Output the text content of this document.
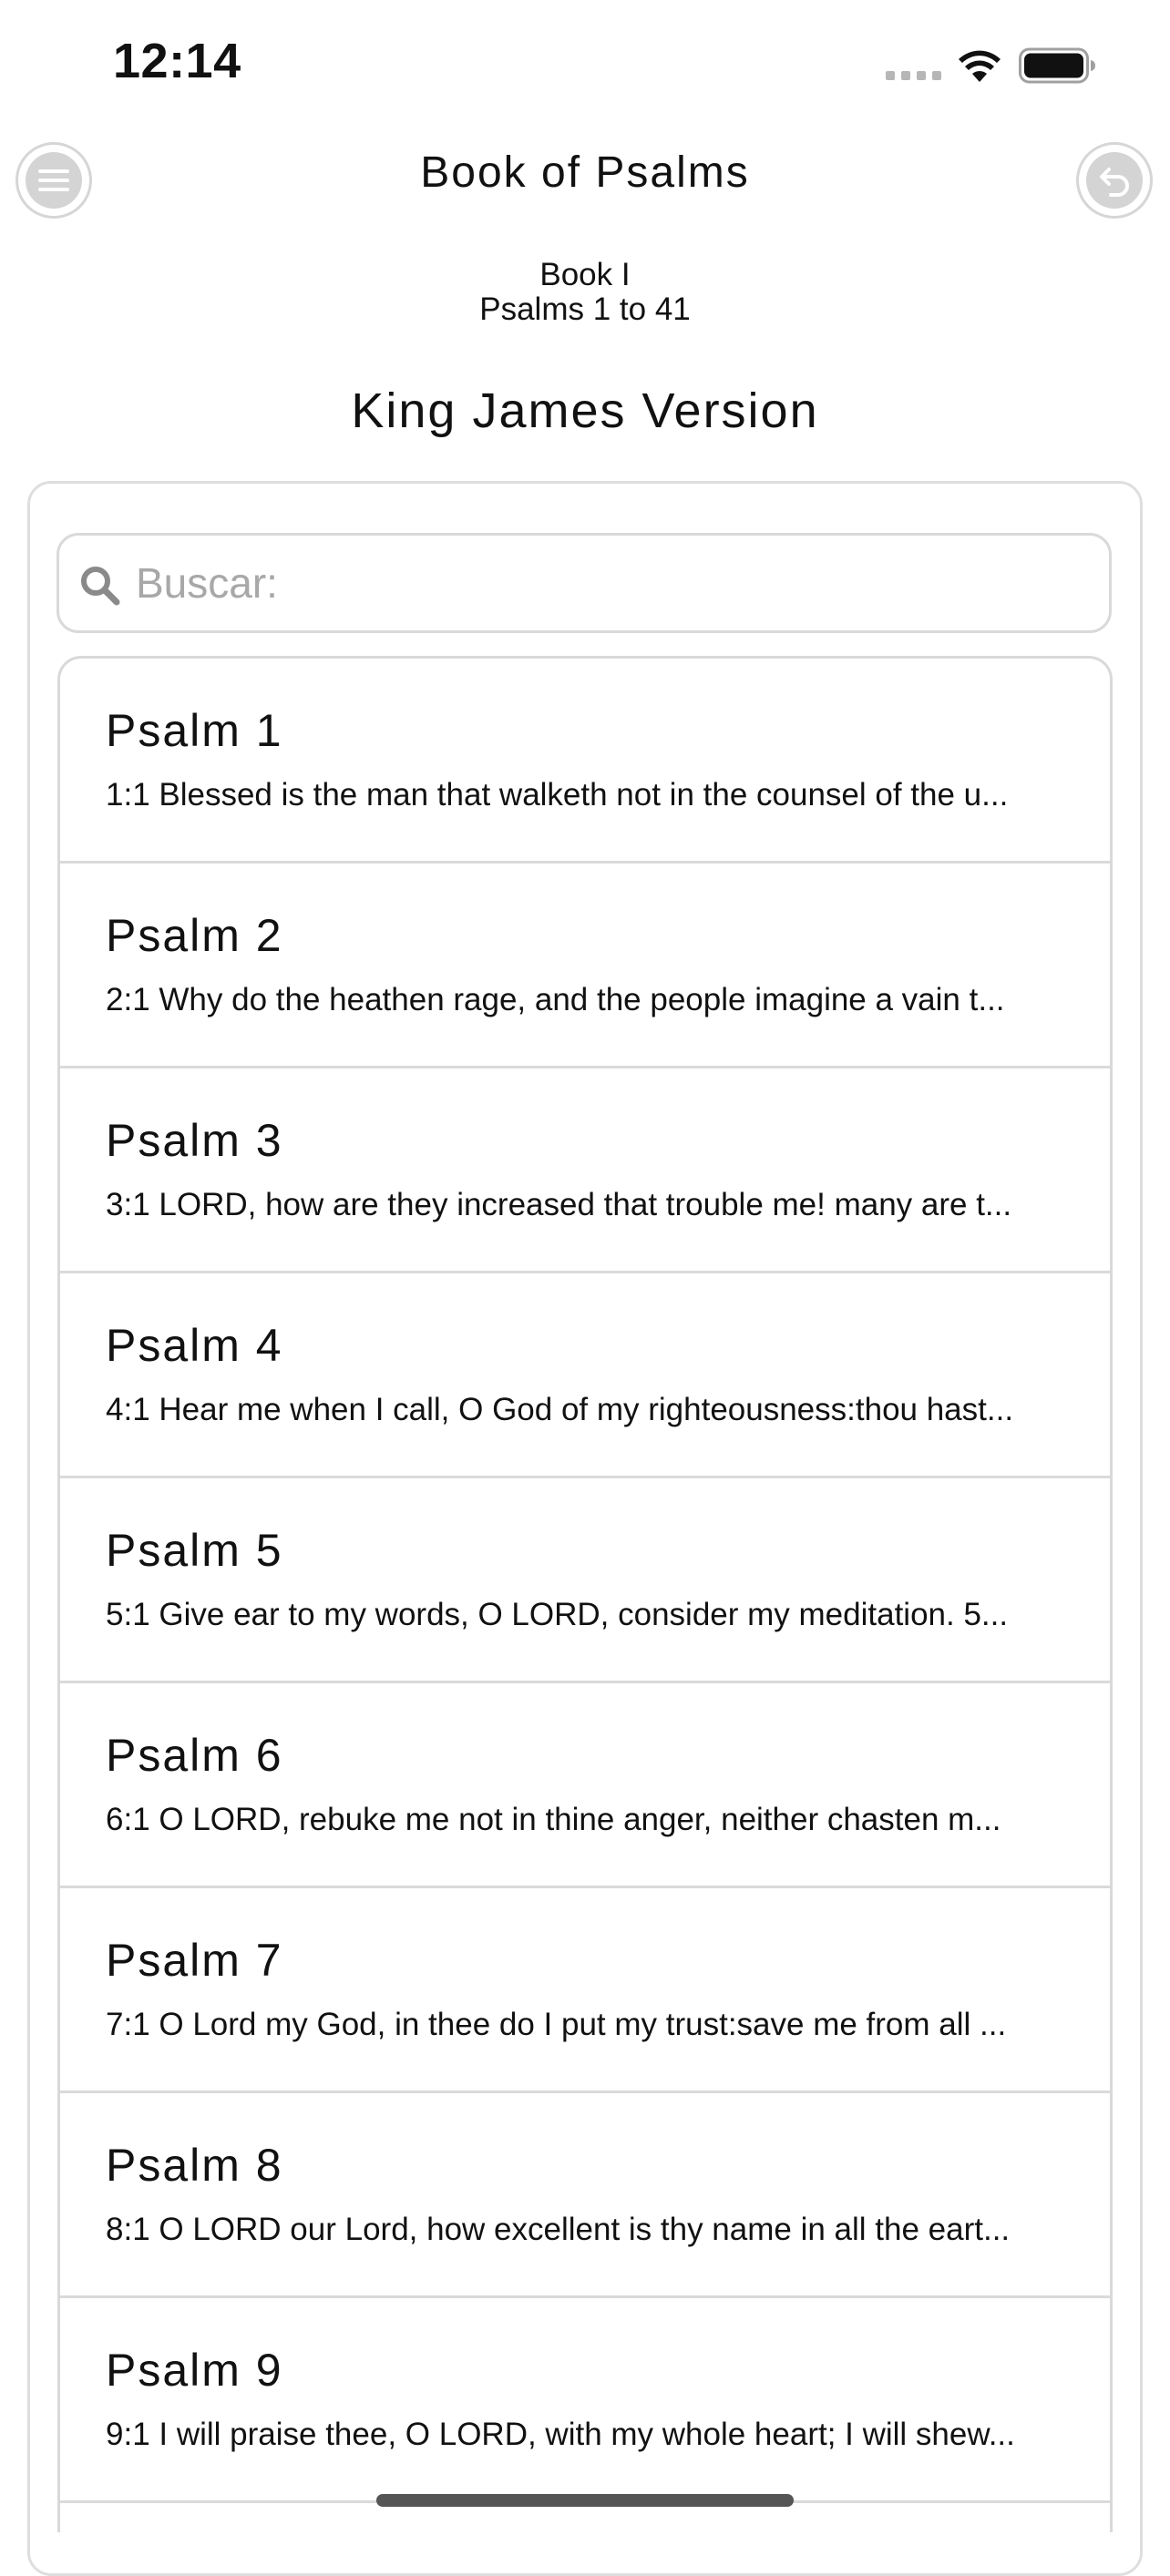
12:14
Book of Psalms
Book I
Psalms 1 to 41
King James Version
Buscar:
Psalm 1
1:1 Blessed is the man that walketh not in the counsel of the u...
Psalm 2
2:1 Why do the heathen rage, and the people imagine a vain t...
Psalm 3
3:1 LORD, how are they increased that trouble me! many are t...
Psalm 4
4:1 Hear me when I call, O God of my righteousness:thou hast...
Psalm 5
5:1 Give ear to my words, O LORD, consider my meditation. 5...
Psalm 6
6:1 O LORD, rebuke me not in thine anger, neither chasten m...
Psalm 7
7:1 O Lord my God, in thee do I put my trust:save me from all ...
Psalm 8
8:1 O LORD our Lord, how excellent is thy name in all the eart...
Psalm 9
9:1 I will praise thee, O LORD, with my whole heart; I will shew...
